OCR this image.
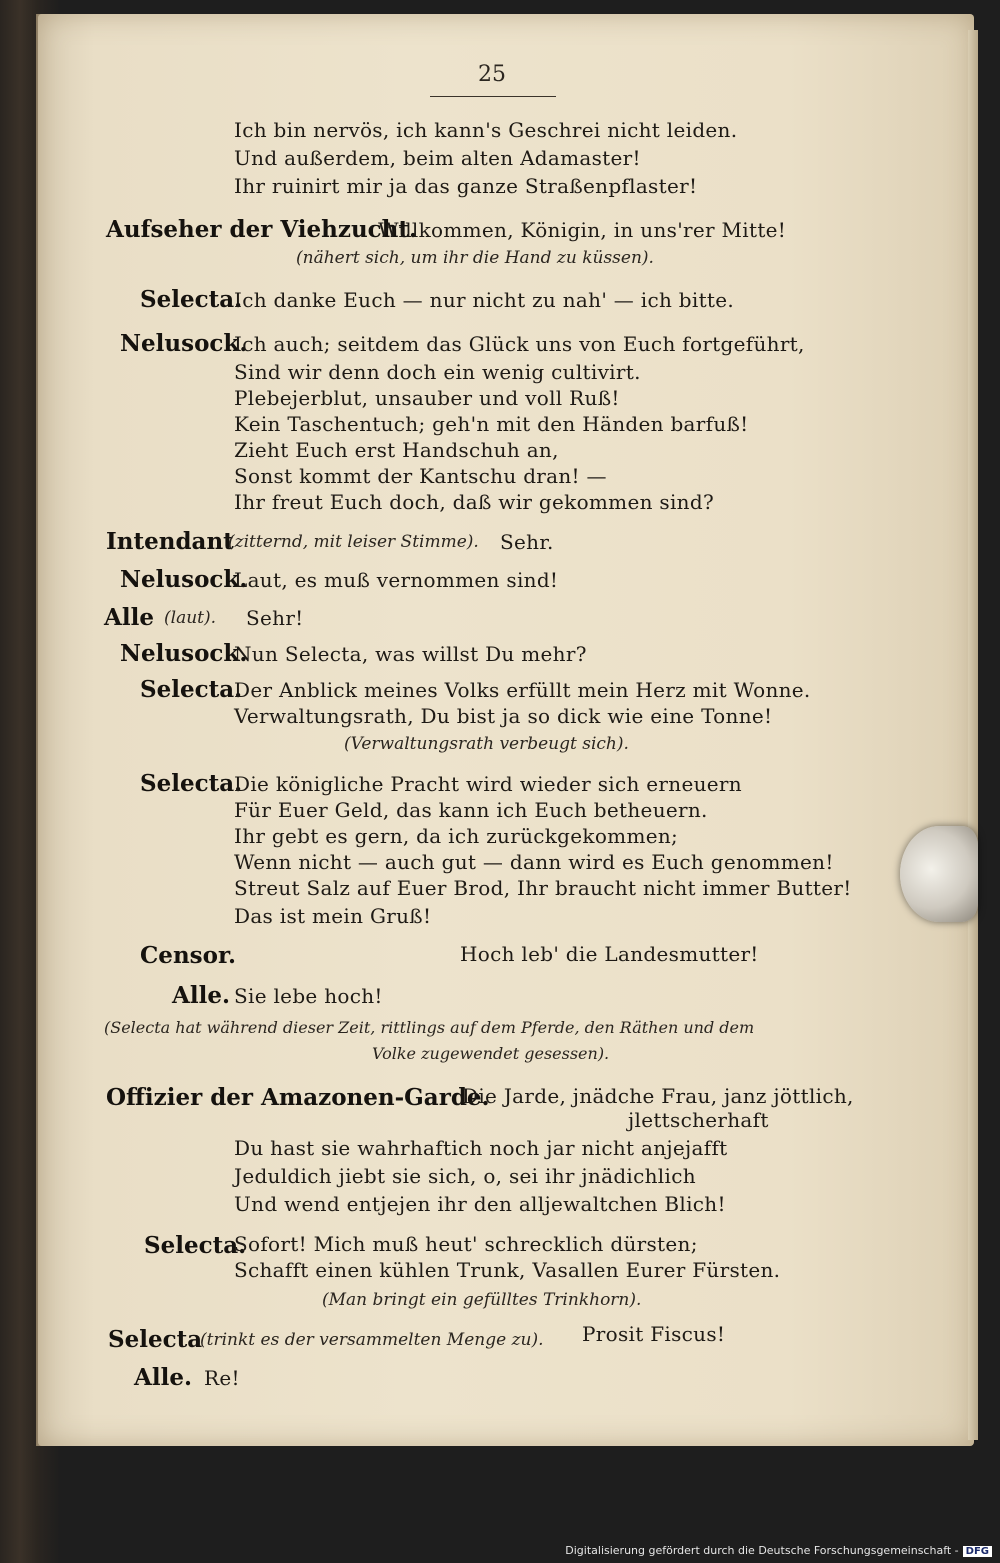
25
Ich bin nervös, ich kann's Geschrei nicht leiden.
Und außerdem, beim alten Adamaster!
Ihr ruinirt mir ja das ganze Straßenpflaster!
Aufseher der Viehzucht.
Willkommen, Königin, in uns'rer Mitte!
(nähert sich, um ihr die Hand zu küssen).
Selecta.
Ich danke Euch — nur nicht zu nah' — ich bitte.
Nelusock.
Ich auch; seitdem das Glück uns von Euch fortgeführt,
Sind wir denn doch ein wenig cultivirt.
Plebejerblut, unsauber und voll Ruß!
Kein Taschentuch; geh'n mit den Händen barfuß!
Zieht Euch erst Handschuh an,
Sonst kommt der Kantschu dran! —
Ihr freut Euch doch, daß wir gekommen sind?
Intendant
(zitternd, mit leiser Stimme). Sehr.
Nelusock.
Laut, es muß vernommen sind!
Alle (laut). Sehr!
Nelusock.
Nun Selecta, was willst Du mehr?
Selecta.
Der Anblick meines Volks erfüllt mein Herz mit Wonne.
Verwaltungsrath, Du bist ja so dick wie eine Tonne!
(Verwaltungsrath verbeugt sich).
Selecta.
Die königliche Pracht wird wieder sich erneuern
Für Euer Geld, das kann ich Euch betheuern.
Ihr gebt es gern, da ich zurückgekommen;
Wenn nicht — auch gut — dann wird es Euch genommen!
Streut Salz auf Euer Brod, Ihr braucht nicht immer Butter!
Das ist mein Gruß!
Censor.	Hoch leb' die Landesmutter!
Alle. Sie lebe hoch!
(Selecta hat während dieser Zeit, rittlings auf dem Pferde, den Räthen und dem
Volke zugewendet gesessen).
Offizier der Amazonen-Garde.
Die Jarde, jnädche Frau, janz jöttlich,
jlettscherhaft
Du hast sie wahrhaftich noch jar nicht anjejafft
Jeduldich jiebt sie sich, o, sei ihr jnädichlich
Und wend entjejen ihr den alljewaltchen Blich!
Selecta.
Sofort! Mich muß heut' schrecklich dürsten;
Schafft einen kühlen Trunk, Vasallen Eurer Fürsten.
(Man bringt ein gefülltes Trinkhorn).
Selecta
(trinkt es der versammelten Menge zu). Prosit Fiscus!
Alle. Re!
Digitalisierung gefördert durch die Deutsche Forschungsgemeinschaft - DFG
